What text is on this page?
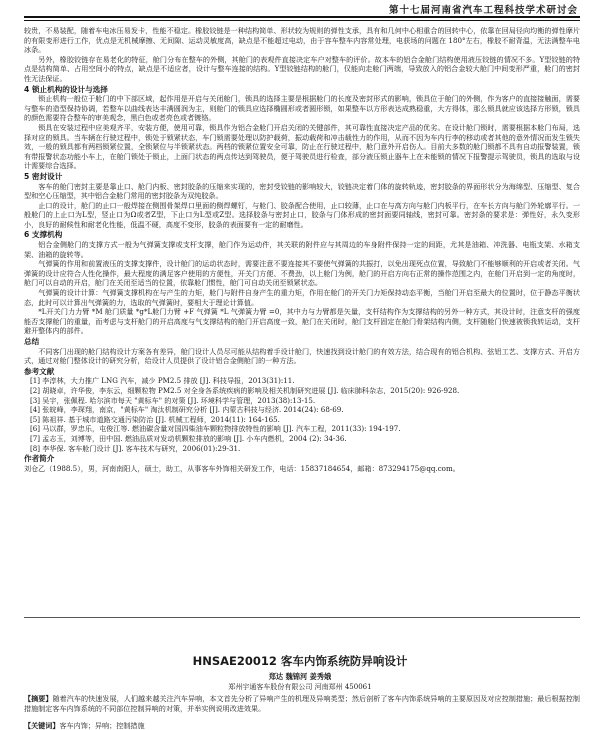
第十七届河南省汽车工程科技学术研讨会

较贵，不易装配，随着车电冰压易发卡，性能不稳定。橡胶铰链是一种结构简单、形状较为规则的弹性支承，具有和几何中心相重合的回转中心，依靠在回局径向均衡的弹性摩片的有限变形进行工作，优点是无机械摩擦、无间隙、运动灵敏度高，缺点是不能超过电动，由于容车整车内容常处理，电获场的问题在 180°左右，橡胶不耐背温，无法满整车电冰条。

另外，橡胶铰链存在易老化的特征，舱门分布在整车的外侧，其舱门的表观件直接决定车户对整车的评价。故本车的铝合金舱门结构使用液压铰链的情况不多。Y型铰链的特点是结构简单、占用空间小的特点，缺点是不适应者，设计与整车连接的结构。Y型铰链结构的舱门，仅能向走舱门两端，导致放入的铝合金较大舱门中间变形严重，舱门的密封性无法保证。

4 锁止机构的设计与选择

锁止机构一般位于舱门的中下部区域，起作用是开启与关闭舱门，锁具的选择主要是根据舱门的长度及密封形式的影响，锁具位于舱门的外侧，作为客户的直接接触面，需要与整车的造型保持协调，若整车以曲线表达丰满圆润为主，则舱门的锁具应选择椭圆形或者圆形锁，如果整车以方形表达成熟稳重，大方得体，那么锁具就应该选择方形锁，锁具的颜色需要符合整车的审美观念，黑白色或者亮色或者镀铬。

锁具在安装过程中应美观齐平，安装方便，使用可靠，锁具作为铝合金舱门开启关闭的关键部件，其可靠性直接决定产品的优劣。在设计舱门锁时，需要根据本舱门布局，选择对应的锁具。当车辆在行驶过程中，锁处于锁紧状态，车门锁需要处理以防护载荷，振动载荷和冲击载性力的作用，从而不因为车内行李的移动或者其他的意外情况而发生锁失效，一般的锁具都有两档锁紧位置，全锁紧位与半锁紧状态。两档的锁紧位置安全可靠，防止在行驶过程中，舱门意外开启伤人。目前大多数的舱门锁都不具有自动报警装置，锁有带报警状态功能小车上，在舱门锁处于锁止，上面门状态的两点传达到驾驶员，便于驾驶员进行检查，部分液压锁止器车上在未能锁的情况下报警提示驾驶员，锁具的选取与设计需要综合选择。

5 密封设计

客车的舱门密封主要是靠止口、舱门内板、密封胶条的压缩来实现的，密封受铰链的影响较大，铰链决定着门体的旋转轨迹，密封胶条的界面形状分为海绵型、压缩型、复合型和空心压缩型，其中铝合金舱门常用的密封胶条为双纯胶条。

止口的设计，舱门的止口一般焊接在侧围骨架焊口里面的侧焊螺钉，与舱门、胶条配合使用，止口较薄，止口在与高方向与舱门内板平行，在车长方向与舱门外轮廓平行。一般舱门的上止口为L型，竖止口为Ω或者Z型，下止口为L型或Z型。选择胶条与密封止口，胶条与门体形成的密封面要同轴线，密封可靠。密封条的要求是：弹性好，永久变形小，良好的耐候性和耐老化性能，低温不硬，高度不变形，胶条的表面要有一定的耐磨性。

6 支撑机构

铝合金侧舱门的支撑方式一般为气弹簧支撑或支杆支撑，舱门作为运动件，其关联的附件应与其周边的车身附件保持一定的间距，尤其是油箱、冲洗器、电瓶支架、水箱支架、油箱的旋转等。

气弹簧的作用和前置液压的支撑支撑件，设计舱门的运动状态时，需要注意不要连接其不要使气弹簧的共振打，以免出现死点位置，导致舱门不能够顺利的开启或者关闭。气弹簧的设计应符合人性化操作，最大程度的满足客户使用的方便性，开关门方便、不费劲，以上舱门为例，舱门的开启方向右正常的操作范围之内，在舱门开启到一定的角度时，舱门可以自动的开启，舱门在关闭至适当的位置，依靠舱门惯性，舱门可自动关闭至锁紧状态。

气弹簧的设计计算：气弹簧支撑机构在与产生的力矩，舱门与附件自身产生的重力矩，作用在舱门的开关门力矩保持动态平衡，当舱门开启至最大的位置时，位于静态平衡状态，此时可以计算出气弹簧的力，选取的气弹簧时，要相大于理论计算值。

*L开关门力力臂 *M 舱门质量 *g*L舱门力臂 +F 气弹簧 *L 气弹簧力臂 =0，其中力与力臂都是矢量，支杆结构作为支撑结构的另外一种方式，其设计时，注意支杆的强度能否支撑舱门的重量，而考虑与支杆舱门的开启高度与气支撑结构的舱门开启高度一致，舱门在关闭时，舱门支杆固定在舱门骨架结构内侧，支杆随舱门快速被锁我转运动，支杆避开整体内的部件。

总结

不同客门出现的舱门结构设计方案各有差异，舱门设计人员尽可能从结构着手设计舱门，快速找到设计舱门的有效方法，结合现有的铝合机构、弦铝工艺、支撑方式、开启方式，通过对舱门整体设计的研究分析，给设计人员提供了设计铝合金侧舱门的一种方法。

参考文献

[1] 李淳林，大力推广 LNG 汽车，减少 PM2.5 排放 [J]. 科技导报，2013(31):11.

[2] 胡晓卓，许华俊，李东云，细颗粒物 PM2.5 对全身各系统疾病的影响及相关机制研究进展 [J]. 临床肺科杂志，2015(20): 926-928.

[3] 吴宇，张佩程. 哈尔滨市每天 "黄标车" 的对策 [J]. 环境科学与管理，2013(38):13-15.

[4] 张皖峰，李琛翔，南京，"黄标车" 淘汰机制研究分析 [J]. 内蒙古科技与经济. 2014(24): 68-69.

[5] 陈祖祥. 基于城市道路交通污染防治 [J]. 机械工程师，2014(11): 164-165.

[6] 马以群，罗忠乐，屯俊江等. 燃油碳含量对国四柴油车颗粒物排放特性的影响 [J]. 汽车工程，2011(33): 194-197.

[7] 孟志玉，刘博等，田中国. 燃油品质对发动机颗粒排放的影响 [J]. 小车内燃机，2004 (2): 34-36.

[8] 李华保. 客车舱门设计 [J]. 客车技术与研究，2006(01):29-31.

作者简介

刘仓乙（1988.5），男，河南南阳人，硕士，助工，从事客车外饰相关研发工作，电话：15837184654，邮箱：873294175@qq.com。

HNSAE20012 客车内饰系统防异响设计
郑达 魏锦河 姜秀娥
郑州宇通客车股份有限公司 河南郑州 450061
【摘要】随着汽车的快速发展，人们越来越关注汽车异响，本文首先分析了异响产生的机理及异响类型；然后剖析了客车内饰系统异响的主要原因及对应控制措施；最后根据控制措施制定客车内饰系统的不同部位控制异响的对策，并举实例说明改进效果。
【关键词】客车内饰；异响；控制措施
